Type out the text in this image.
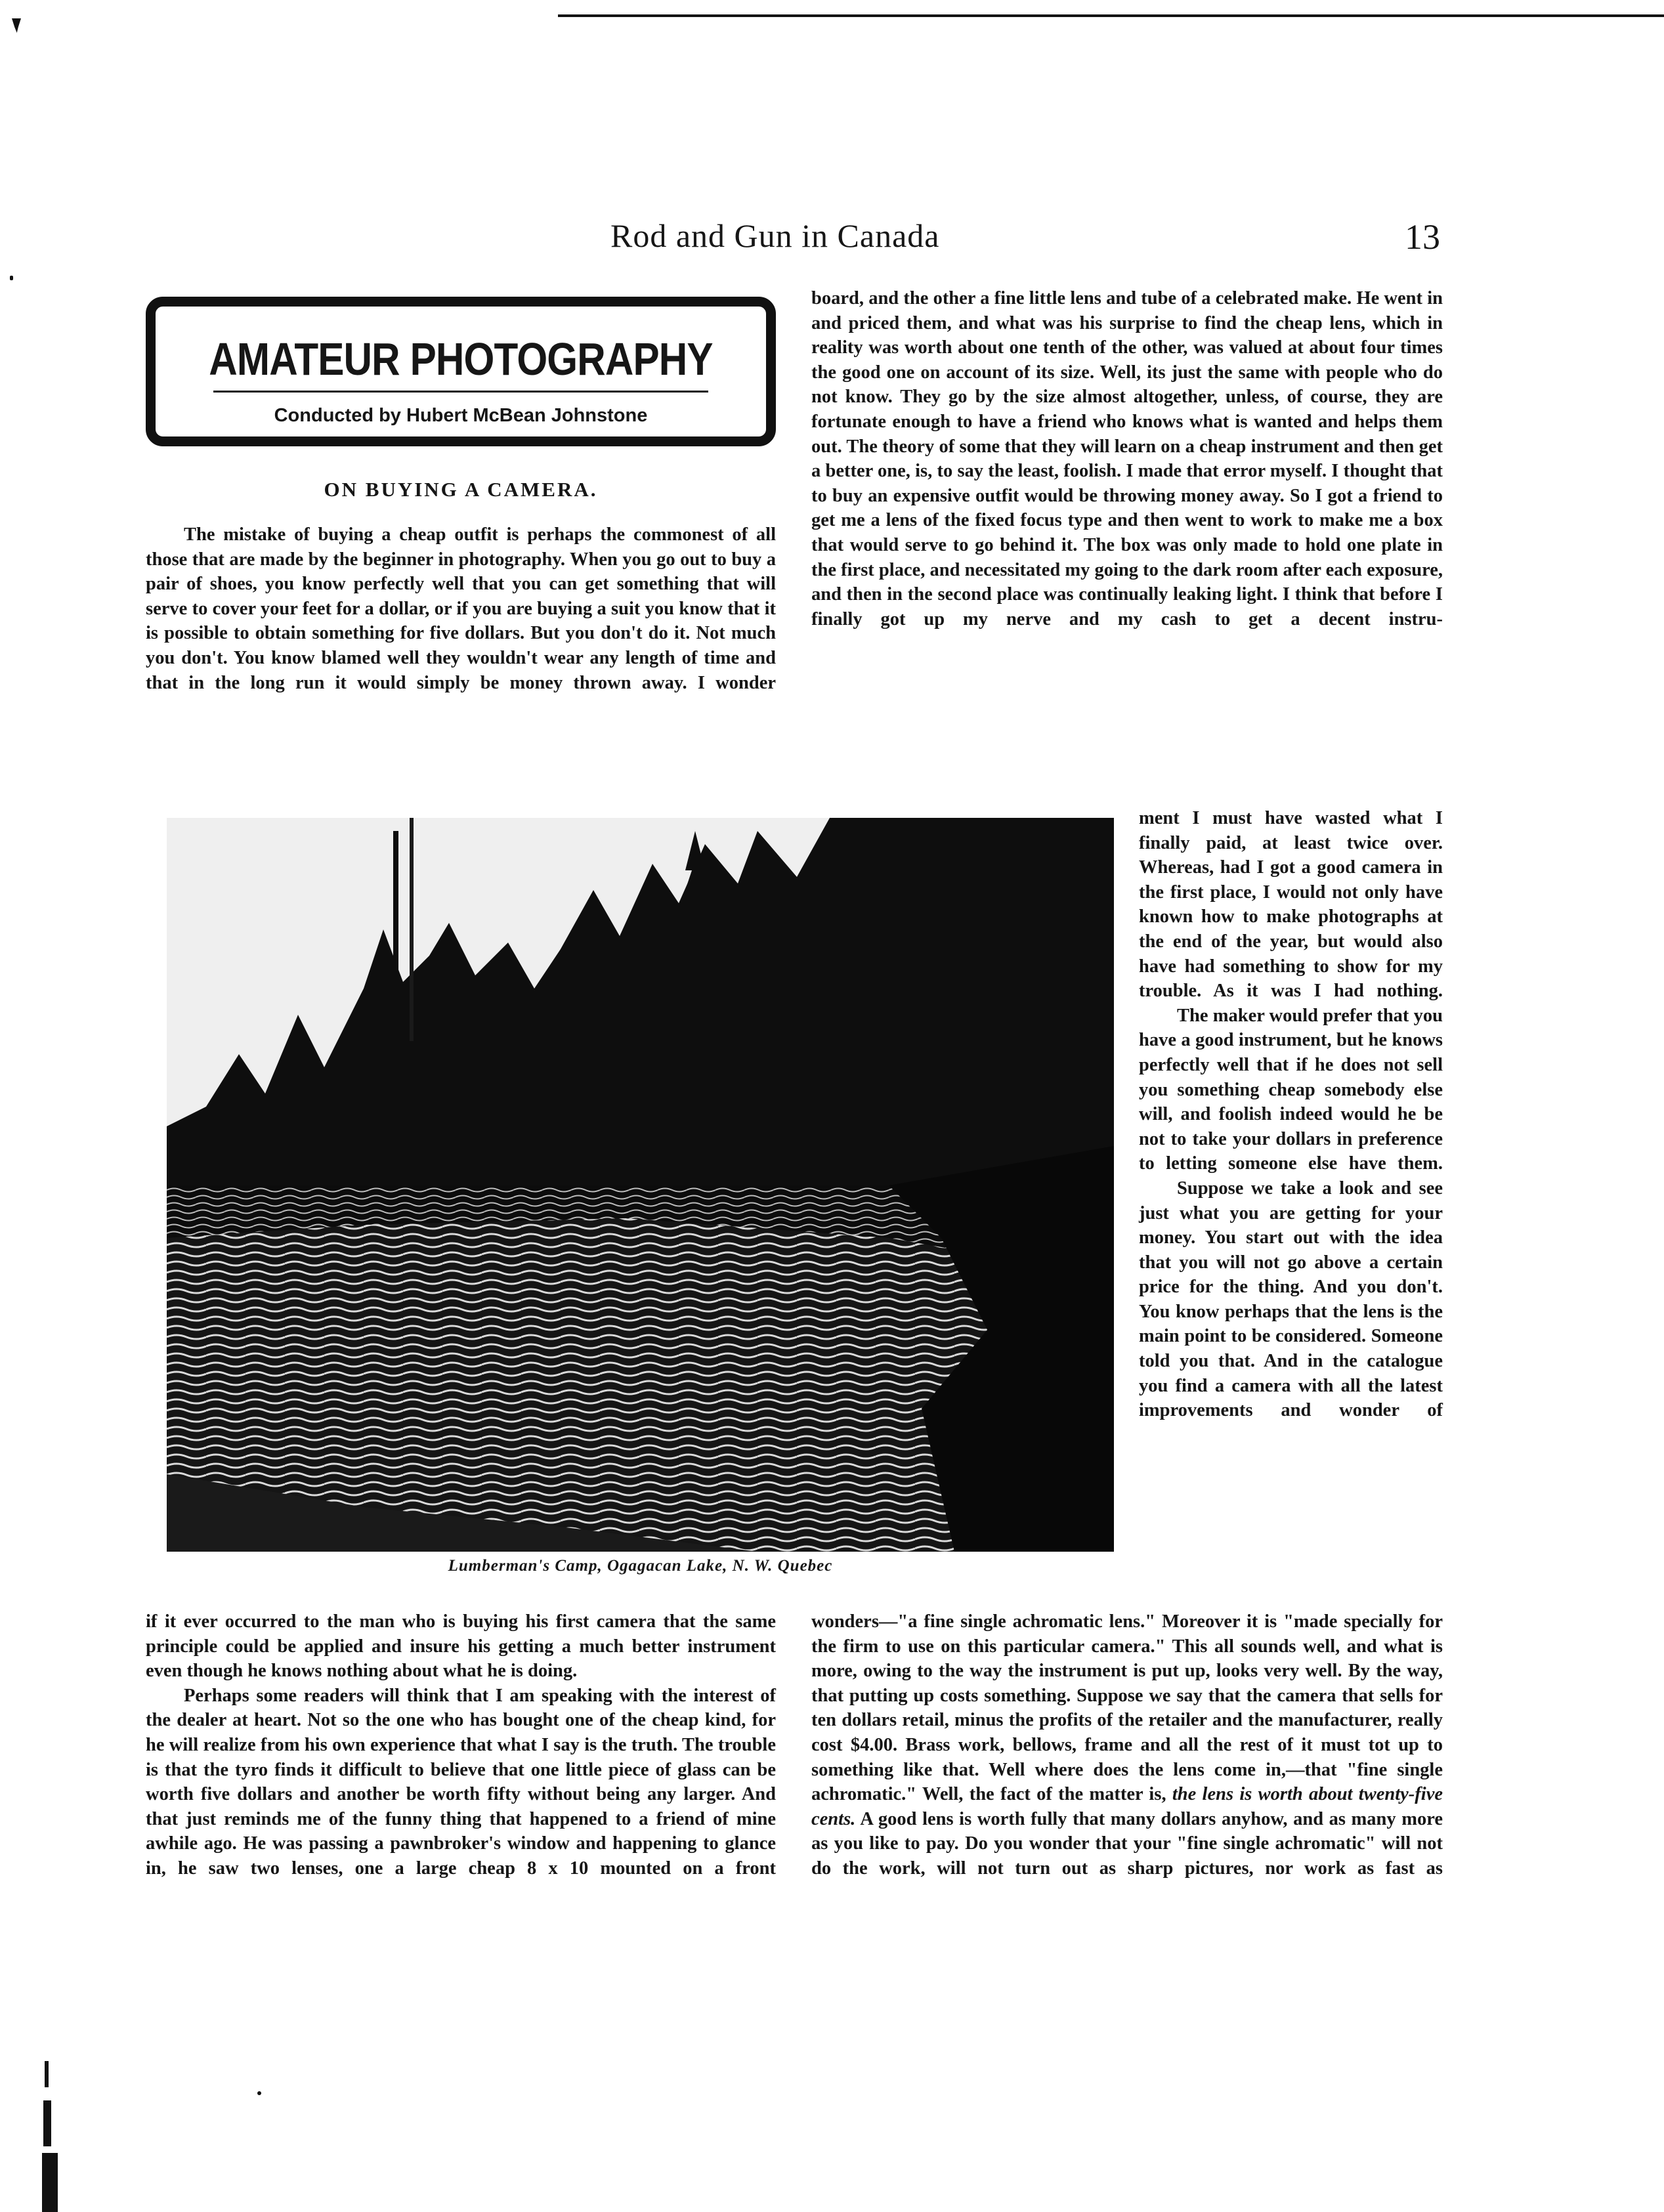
Rod and Gun in Canada	13
AMATEUR PHOTOGRAPHY
Conducted by Hubert McBean Johnstone
ON BUYING A CAMERA.

The mistake of buying a cheap outfit is perhaps the commonest of all those that are made by the beginner in photography. When you go out to buy a pair of shoes, you know perfectly well that you can get something that will serve to cover your feet for a dollar, or if you are buying a suit you know that it is possible to obtain something for five dollars. But you don't do it. Not much you don't. You know blamed well they wouldn't wear any length of time and that in the long run it would simply be money thrown away. I wonder

board, and the other a fine little lens and tube of a celebrated make. He went in and priced them, and what was his surprise to find the cheap lens, which in reality was worth about one tenth of the other, was valued at about four times the good one on account of its size. Well, its just the same with people who do not know. They go by the size almost altogether, unless, of course, they are fortunate enough to have a friend who knows what is wanted and helps them out. The theory of some that they will learn on a cheap instrument and then get a better one, is, to say the least, foolish. I made that error myself. I thought that to buy an expensive outfit would be throwing money away. So I got a friend to get me a lens of the fixed focus type and then went to work to make me a box that would serve to go behind it. The box was only made to hold one plate in the first place, and necessitated my going to the dark room after each exposure, and then in the second place was continually leaking light. I think that before I finally got up my nerve and my cash to get a decent instru-

Lumberman's Camp, Ogagacan Lake, N. W. Quebec

ment I must have wasted what I finally paid, at least twice over. Whereas, had I got a good camera in the first place, I would not only have known how to make photographs at the end of the year, but would also have had something to show for my trouble. As it was I had nothing.

The maker would prefer that you have a good instrument, but he knows perfectly well that if he does not sell you something cheap somebody else will, and foolish indeed would he be not to take your dollars in preference to letting someone else have them.

Suppose we take a look and see just what you are getting for your money. You start out with the idea that you will not go above a certain price for the thing. And you don't. You know perhaps that the lens is the main point to be considered. Someone told you that. And in the catalogue you find a camera with all the latest improvements and wonder of

if it ever occurred to the man who is buying his first camera that the same principle could be applied and insure his getting a much better instrument even though he knows nothing about what he is doing.

Perhaps some readers will think that I am speaking with the interest of the dealer at heart. Not so the one who has bought one of the cheap kind, for he will realize from his own experience that what I say is the truth. The trouble is that the tyro finds it difficult to believe that one little piece of glass can be worth five dollars and another be worth fifty without being any larger. And that just reminds me of the funny thing that happened to a friend of mine awhile ago. He was passing a pawnbroker's window and happening to glance in, he saw two lenses, one a large cheap 8 x 10 mounted on a front

wonders—"a fine single achromatic lens." Moreover it is "made specially for the firm to use on this particular camera." This all sounds well, and what is more, owing to the way the instrument is put up, looks very well. By the way, that putting up costs something. Suppose we say that the camera that sells for ten dollars retail, minus the profits of the retailer and the manufacturer, really cost $4.00. Brass work, bellows, frame and all the rest of it must tot up to something like that. Well where does the lens come in,—that "fine single achromatic." Well, the fact of the matter is, the lens is worth about twenty-five cents. A good lens is worth fully that many dollars anyhow, and as many more as you like to pay. Do you wonder that your "fine single achromatic" will not do the work, will not turn out as sharp pictures, nor work as fast as
